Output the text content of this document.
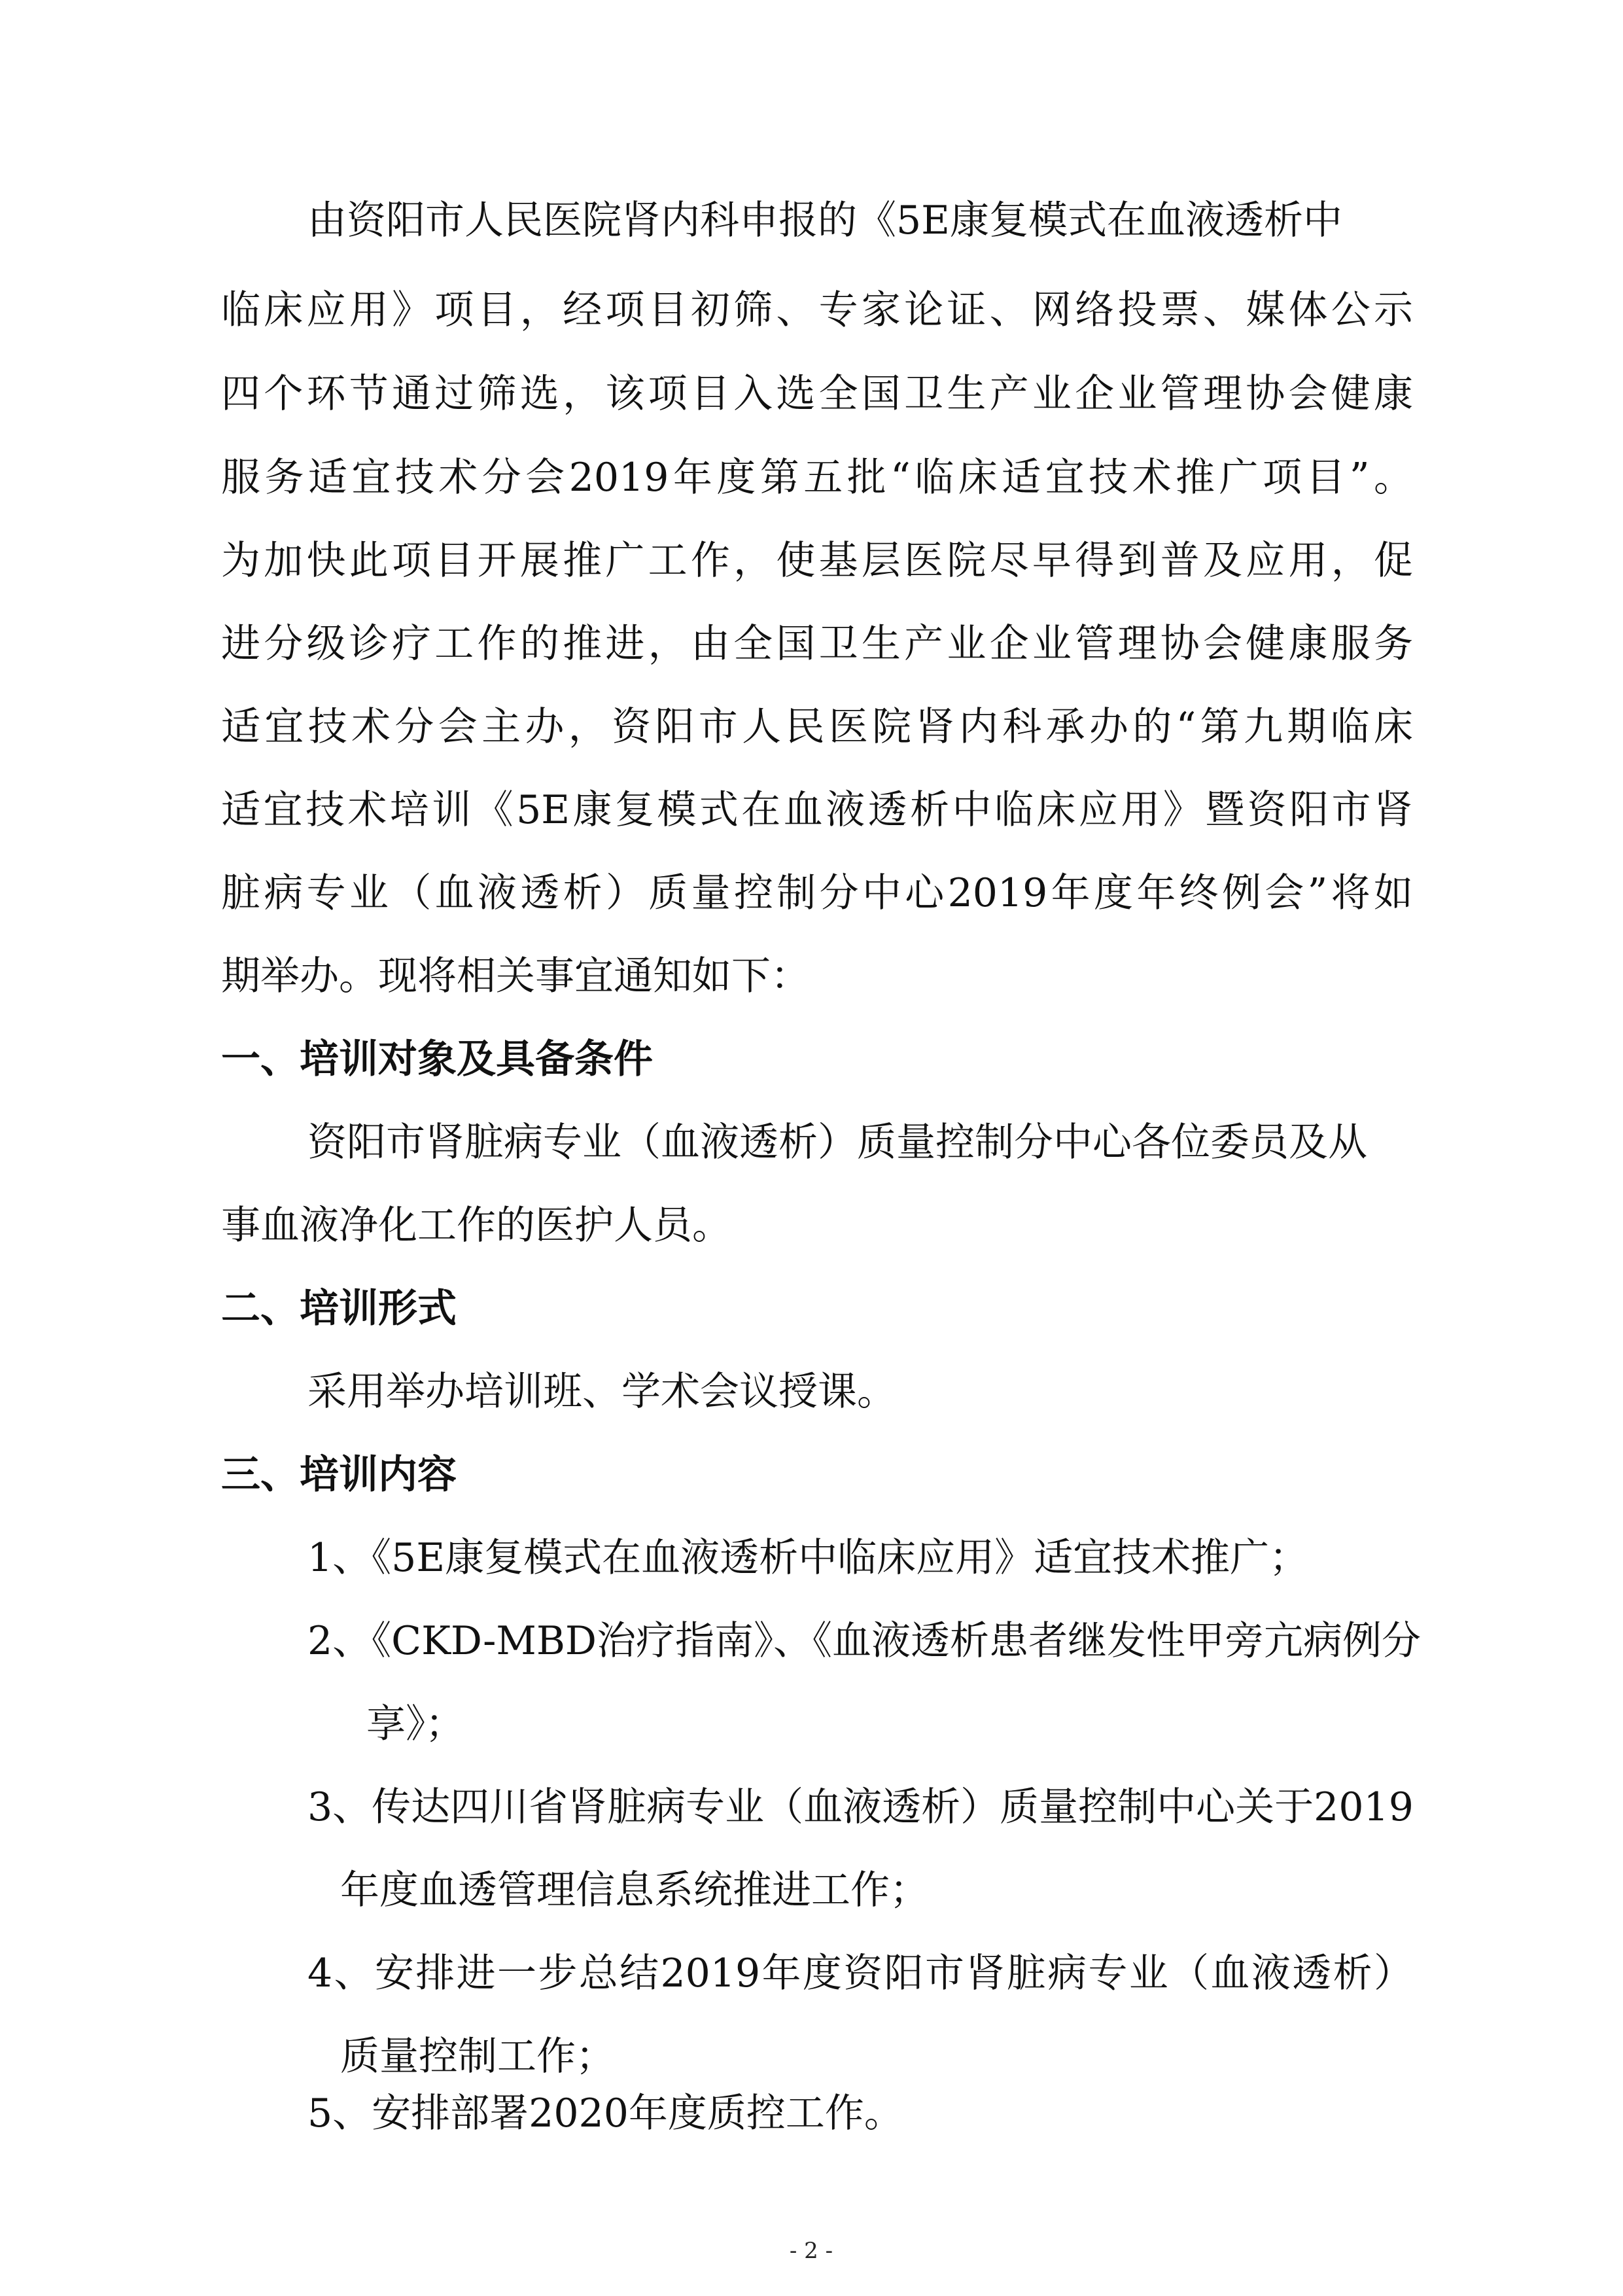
由资阳市人民医院肾内科申报的《5E康复模式在血液透析中
临床应用》项目，经项目初筛、专家论证、网络投票、媒体公示
四个环节通过筛选，该项目入选全国卫生产业企业管理协会健康
服务适宜技术分会2019年度第五批“临床适宜技术推广项目”。
为加快此项目开展推广工作，使基层医院尽早得到普及应用，促
进分级诊疗工作的推进，由全国卫生产业企业管理协会健康服务
适宜技术分会主办，资阳市人民医院肾内科承办的“第九期临床
适宜技术培训《5E康复模式在血液透析中临床应用》暨资阳市肾
脏病专业（血液透析）质量控制分中心2019年度年终例会”将如
期举办。现将相关事宜通知如下：
一、培训对象及具备条件
资阳市肾脏病专业（血液透析）质量控制分中心各位委员及从
事血液净化工作的医护人员。
二、培训形式
采用举办培训班、学术会议授课。
三、培训内容
1、《5E康复模式在血液透析中临床应用》适宜技术推广；
2、《CKD-MBD治疗指南》、《血液透析患者继发性甲旁亢病例分
享》；
3、传达四川省肾脏病专业（血液透析）质量控制中心关于2019
年度血透管理信息系统推进工作；
4、安排进一步总结2019年度资阳市肾脏病专业（血液透析）
质量控制工作；
5、安排部署2020年度质控工作。
- 2 -
